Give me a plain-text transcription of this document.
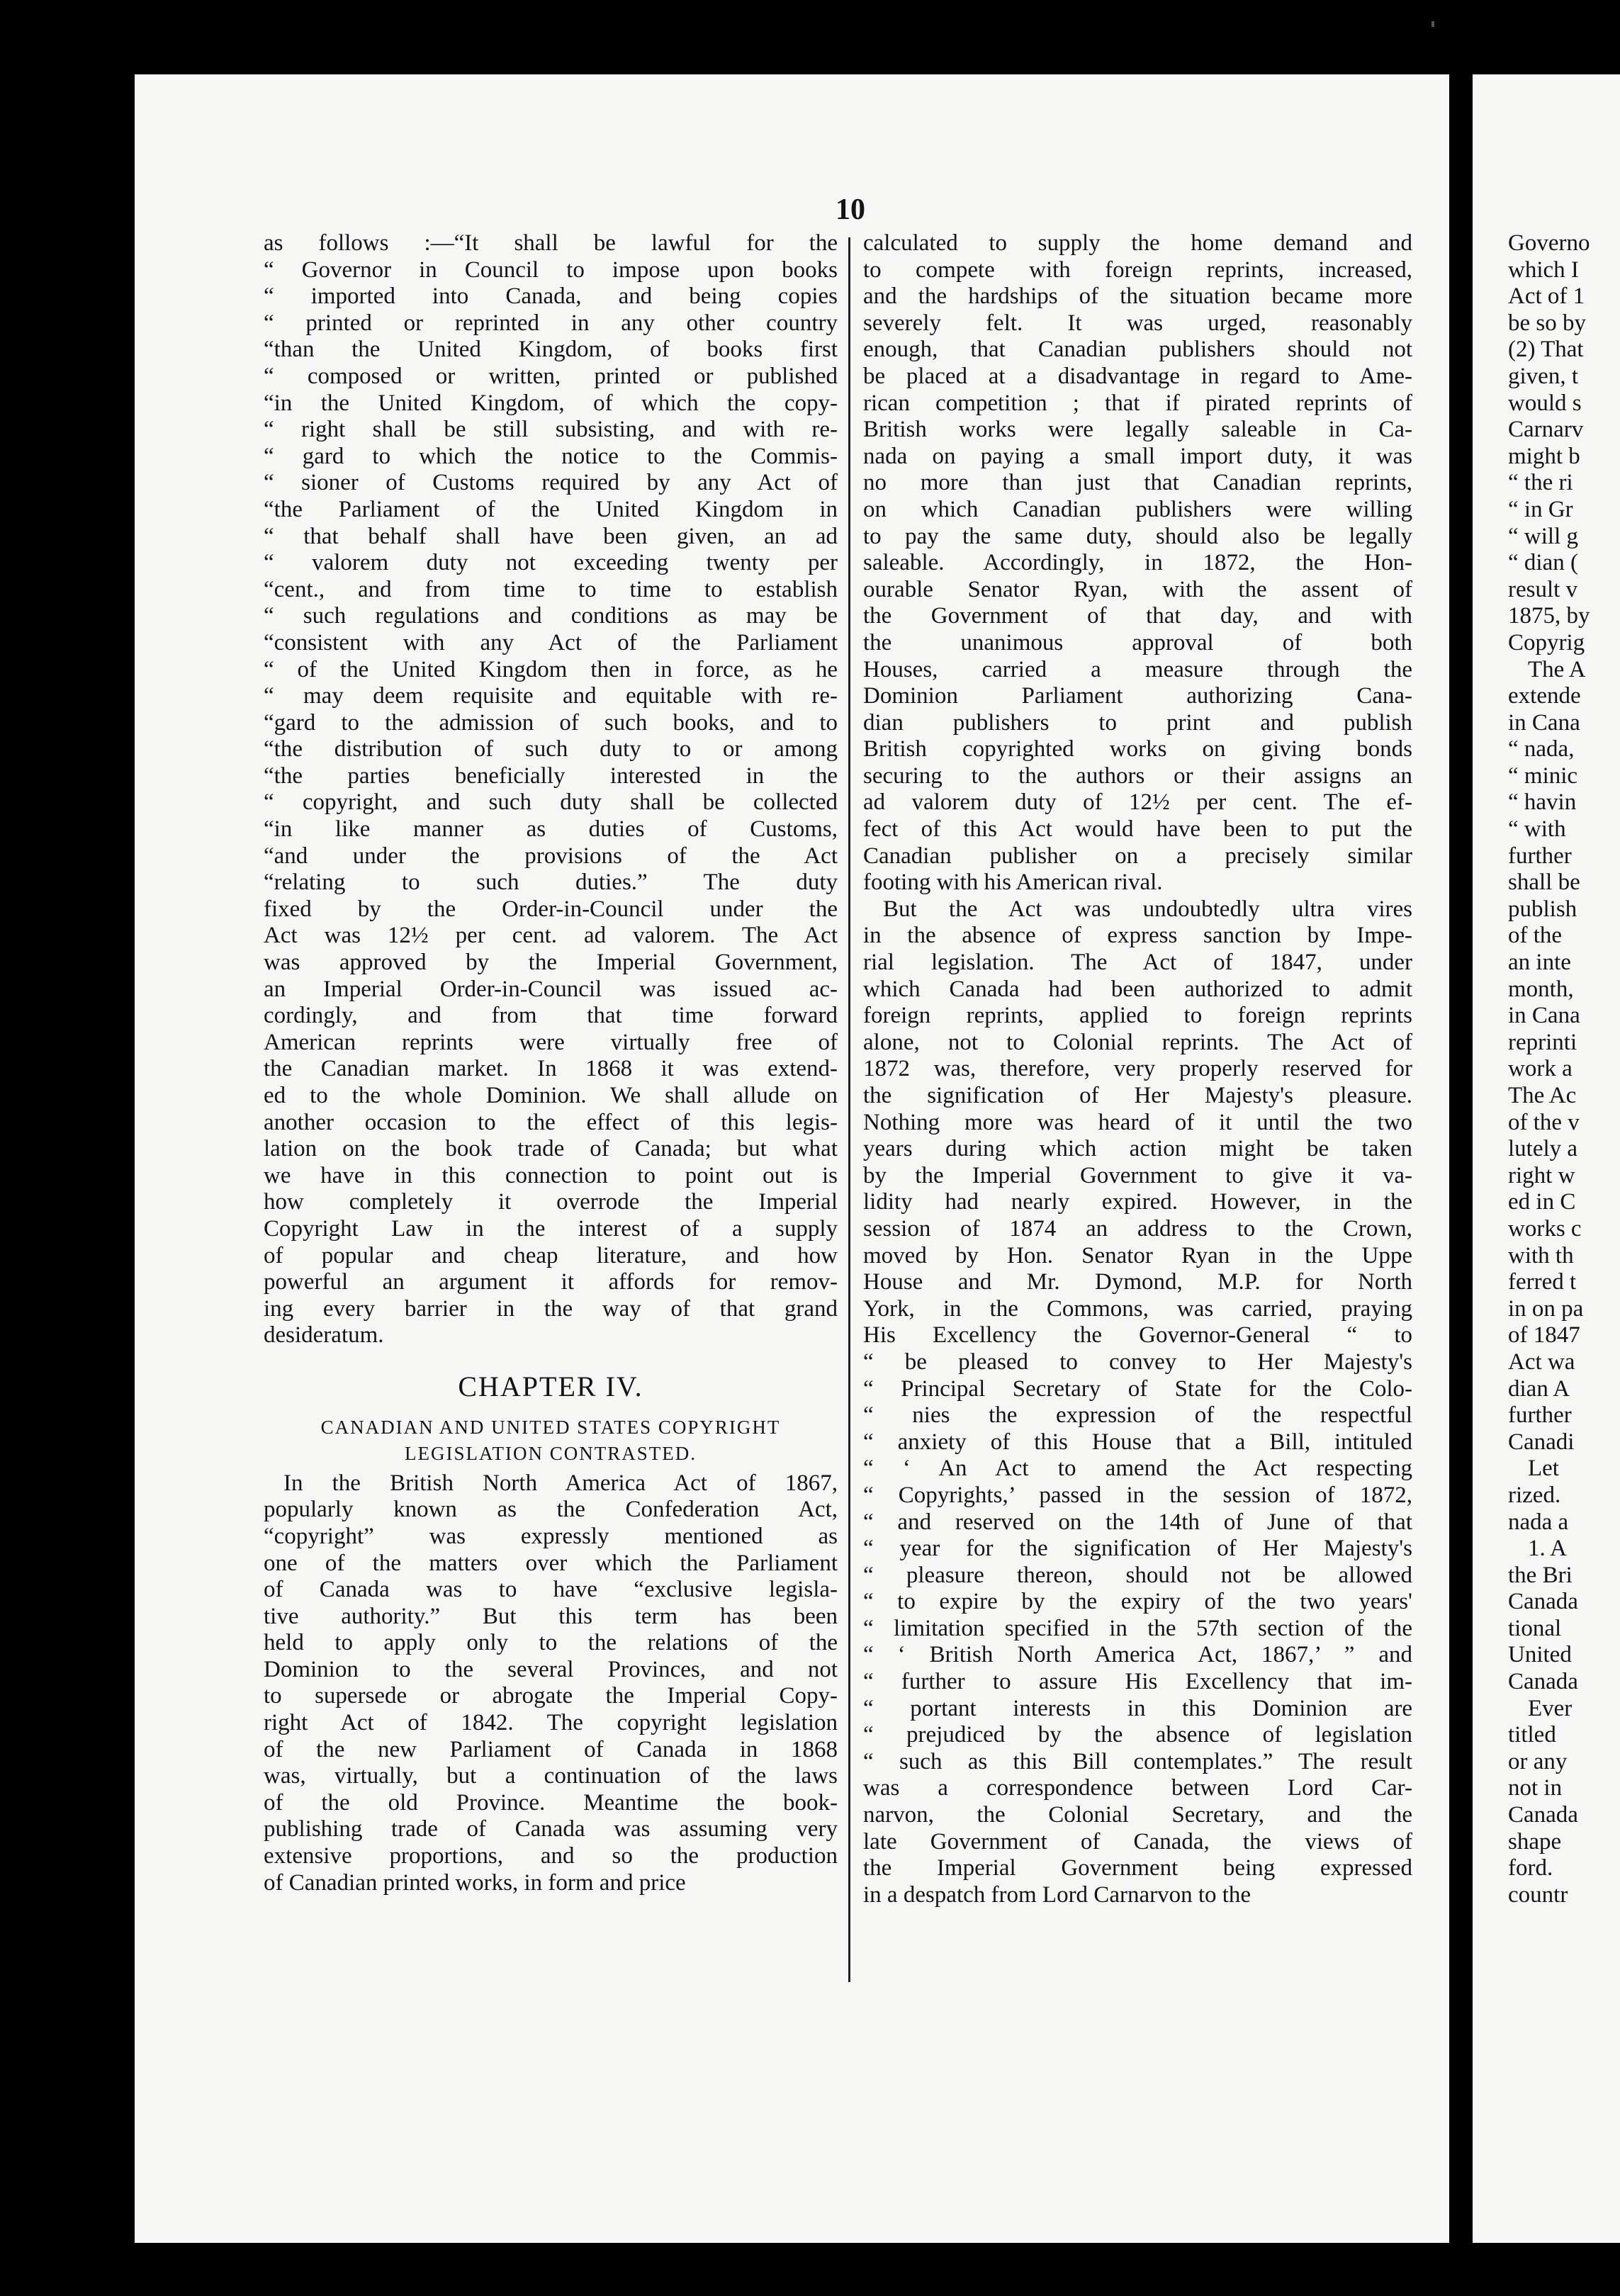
10
as follows :—“It shall be lawful for the
“ Governor in Council to impose upon books
“ imported into Canada, and being copies
“ printed or reprinted in any other country
“than the United Kingdom, of books first
“ composed or written, printed or published
“in the United Kingdom, of which the copy-
“ right shall be still subsisting, and with re-
“ gard to which the notice to the Commis-
“ sioner of Customs required by any Act of
“the Parliament of the United Kingdom in
“ that behalf shall have been given, an ad
“ valorem duty not exceeding twenty per
“cent., and from time to time to establish
“ such regulations and conditions as may be
“consistent with any Act of the Parliament
“ of the United Kingdom then in force, as he
“ may deem requisite and equitable with re-
“gard to the admission of such books, and to
“the distribution of such duty to or among
“the parties beneficially interested in the
“ copyright, and such duty shall be collected
“in like manner as duties of Customs,
“and under the provisions of the Act
“relating to such duties.” The duty
fixed by the Order-in-Council under the
Act was 12½ per cent. ad valorem. The Act
was approved by the Imperial Government,
an Imperial Order-in-Council was issued ac-
cordingly, and from that time forward
American reprints were virtually free of
the Canadian market. In 1868 it was extend-
ed to the whole Dominion. We shall allude on
another occasion to the effect of this legis-
lation on the book trade of Canada; but what
we have in this connection to point out is
how completely it overrode the Imperial
Copyright Law in the interest of a supply
of popular and cheap literature, and how
powerful an argument it affords for remov-
ing every barrier in the way of that grand
desideratum.
CHAPTER IV.
CANADIAN AND UNITED STATES COPYRIGHT
LEGISLATION CONTRASTED.
In the British North America Act of 1867,
popularly known as the Confederation Act,
“copyright” was expressly mentioned as
one of the matters over which the Parliament
of Canada was to have “exclusive legisla-
tive authority.” But this term has been
held to apply only to the relations of the
Dominion to the several Provinces, and not
to supersede or abrogate the Imperial Copy-
right Act of 1842. The copyright legislation
of the new Parliament of Canada in 1868
was, virtually, but a continuation of the laws
of the old Province. Meantime the book-
publishing trade of Canada was assuming very
extensive proportions, and so the production
of Canadian printed works, in form and price
calculated to supply the home demand and
to compete with foreign reprints, increased,
and the hardships of the situation became more
severely felt. It was urged, reasonably
enough, that Canadian publishers should not
be placed at a disadvantage in regard to Ame-
rican competition ; that if pirated reprints of
British works were legally saleable in Ca-
nada on paying a small import duty, it was
no more than just that Canadian reprints,
on which Canadian publishers were willing
to pay the same duty, should also be legally
saleable. Accordingly, in 1872, the Hon-
ourable Senator Ryan, with the assent of
the Government of that day, and with
the unanimous approval of both
Houses, carried a measure through the
Dominion Parliament authorizing Cana-
dian publishers to print and publish
British copyrighted works on giving bonds
securing to the authors or their assigns an
ad valorem duty of 12½ per cent. The ef-
fect of this Act would have been to put the
Canadian publisher on a precisely similar
footing with his American rival.
But the Act was undoubtedly ultra vires
in the absence of express sanction by Impe-
rial legislation. The Act of 1847, under
which Canada had been authorized to admit
foreign reprints, applied to foreign reprints
alone, not to Colonial reprints. The Act of
1872 was, therefore, very properly reserved for
the signification of Her Majesty's pleasure.
Nothing more was heard of it until the two
years during which action might be taken
by the Imperial Government to give it va-
lidity had nearly expired. However, in the
session of 1874 an address to the Crown,
moved by Hon. Senator Ryan in the Uppe
House and Mr. Dymond, M.P. for North
York, in the Commons, was carried, praying
His Excellency the Governor-General “ to
“ be pleased to convey to Her Majesty's
“ Principal Secretary of State for the Colo-
“ nies the expression of the respectful
“ anxiety of this House that a Bill, intituled
“ ‘ An Act to amend the Act respecting
“ Copyrights,’ passed in the session of 1872,
“ and reserved on the 14th of June of that
“ year for the signification of Her Majesty's
“ pleasure thereon, should not be allowed
“ to expire by the expiry of the two years'
“ limitation specified in the 57th section of the
“ ‘ British North America Act, 1867,’ ” and
“ further to assure His Excellency that im-
“ portant interests in this Dominion are
“ prejudiced by the absence of legislation
“ such as this Bill contemplates.” The result
was a correspondence between Lord Car-
narvon, the Colonial Secretary, and the
late Government of Canada, the views of
the Imperial Government being expressed
in a despatch from Lord Carnarvon to the
Governo
which I
Act of 1
be so by
(2) That
given, t
would s
Carnarv
might b
“ the ri
“ in Gr
“ will g
“ dian (
result v
1875, by
Copyrig
The A
extende
in Cana
“ nada,
“ minic
“ havin
“ with
further
shall be
publish
of the
an inte
month,
in Cana
reprinti
work a
The Ac
of the v
lutely a
right w
ed in C
works c
with th
ferred t
in on pa
of 1847
Act wa
dian A
further
Canadi
Let
rized.
nada a
1. A
the Bri
Canada
tional
United
Canada
Ever
titled
or any
not in
Canada
shape
ford.
countr
